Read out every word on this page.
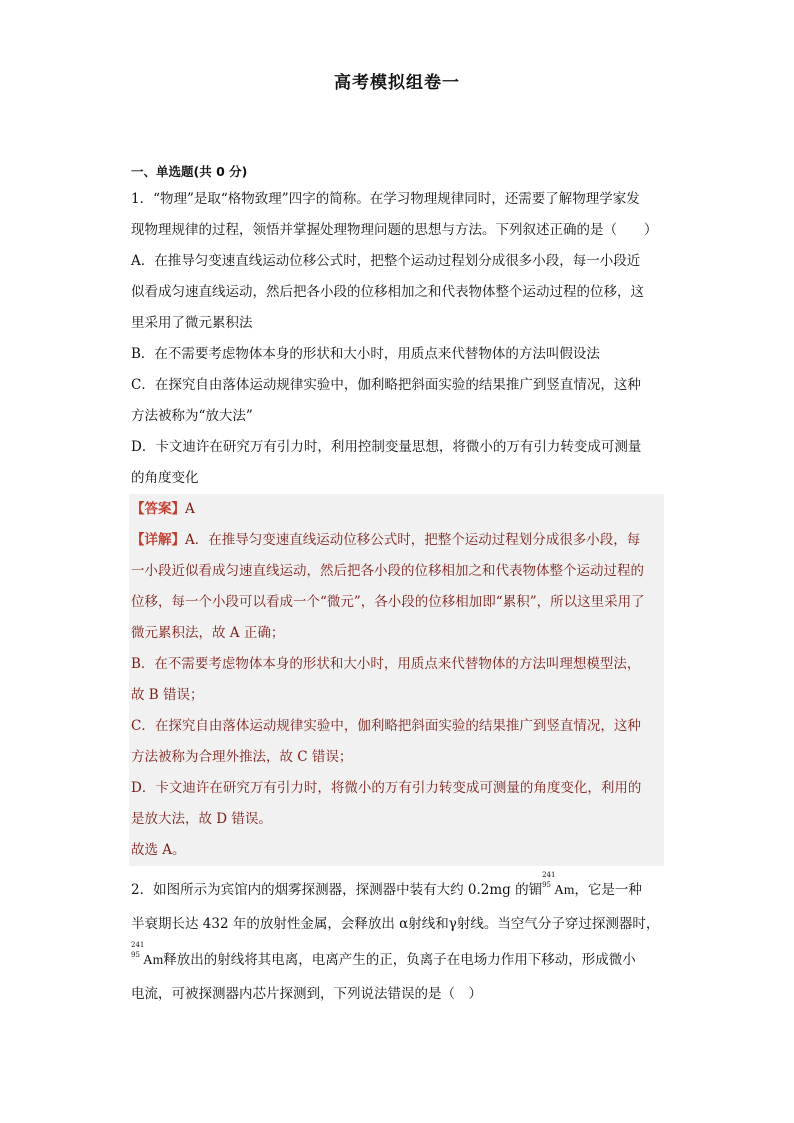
高考模拟组卷一
一、单选题(共 0 分)
1．“物理”是取“格物致理”四字的简称。在学习物理规律同时，还需要了解物理学家发
现物理规律的过程，领悟并掌握处理物理问题的思想与方法。下列叙述正确的是（　　）
A．在推导匀变速直线运动位移公式时，把整个运动过程划分成很多小段，每一小段近
似看成匀速直线运动，然后把各小段的位移相加之和代表物体整个运动过程的位移，这
里采用了微元累积法
B．在不需要考虑物体本身的形状和大小时，用质点来代替物体的方法叫假设法
C．在探究自由落体运动规律实验中，伽利略把斜面实验的结果推广到竖直情况，这种
方法被称为“放大法”
D．卡文迪许在研究万有引力时，利用控制变量思想，将微小的万有引力转变成可测量
的角度变化
【答案】A
【详解】A．在推导匀变速直线运动位移公式时，把整个运动过程划分成很多小段，每
一小段近似看成匀速直线运动，然后把各小段的位移相加之和代表物体整个运动过程的
位移，每一个小段可以看成一个“微元”，各小段的位移相加即“累积”，所以这里采用了
微元累积法，故 A 正确；
B．在不需要考虑物体本身的形状和大小时，用质点来代替物体的方法叫理想模型法，
故 B 错误；
C．在探究自由落体运动规律实验中，伽利略把斜面实验的结果推广到竖直情况，这种
方法被称为合理外推法，故 C 错误；
D．卡文迪许在研究万有引力时，将微小的万有引力转变成可测量的角度变化，利用的
是放大法，故 D 错误。
故选 A。
2．如图所示为宾馆内的烟雾探测器，探测器中装有大约 0.2mg 的镅
241
95 Am，它是一种
半衰期长达 432 年的放射性金属，会释放出 α射线和γ射线。当空气分子穿过探测器时，
241
95 Am释放出的射线将其电离，电离产生的正，负离子在电场力作用下移动，形成微小
电流，可被探测器内芯片探测到，下列说法错误的是（　）
